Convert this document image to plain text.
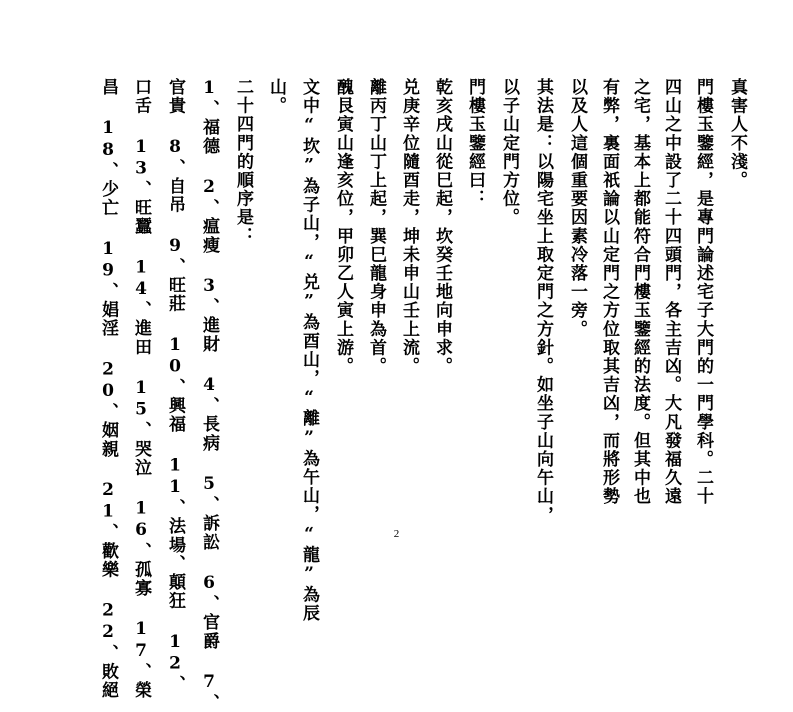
真害人不淺。
門樓玉鑒經，是專門論述宅子大門的一門學科。二十
四山之中設了二十四頭門，各主吉凶。大凡發福久遠
之宅，基本上都能符合門樓玉鑒經的法度。但其中也
有弊，裏面祇論以山定門之方位取其吉凶，而將形勢
以及人這個重要因素冷落一旁。
其法是：以陽宅坐上取定門之方針。如坐子山向午山，
以子山定門方位。
門樓玉鑒經曰：
乾亥戌山從巳起，坎癸壬地向申求。
兑庚辛位隨酉走，坤未申山壬上流。
離丙丁山丁上起，巽巳龍身申為首。
醜艮寅山逢亥位，甲卯乙人寅上游。
文中“坎”為子山，“兑”為酉山，“離”為午山，“龍”為辰
山。
二十四門的順序是：
1、福德 2、瘟瘦 3、進財 4、長病 5、訴訟 6、官爵 7、
官貴 8、自吊 9、旺莊 10、興福 11、法場、顛狂 12、
口舌 13、旺蠶 14、進田 15、哭泣 16、孤寡 17、榮
昌 18、少亡 19、娼淫 20、姻親 21、歡樂 22、敗絕	2
